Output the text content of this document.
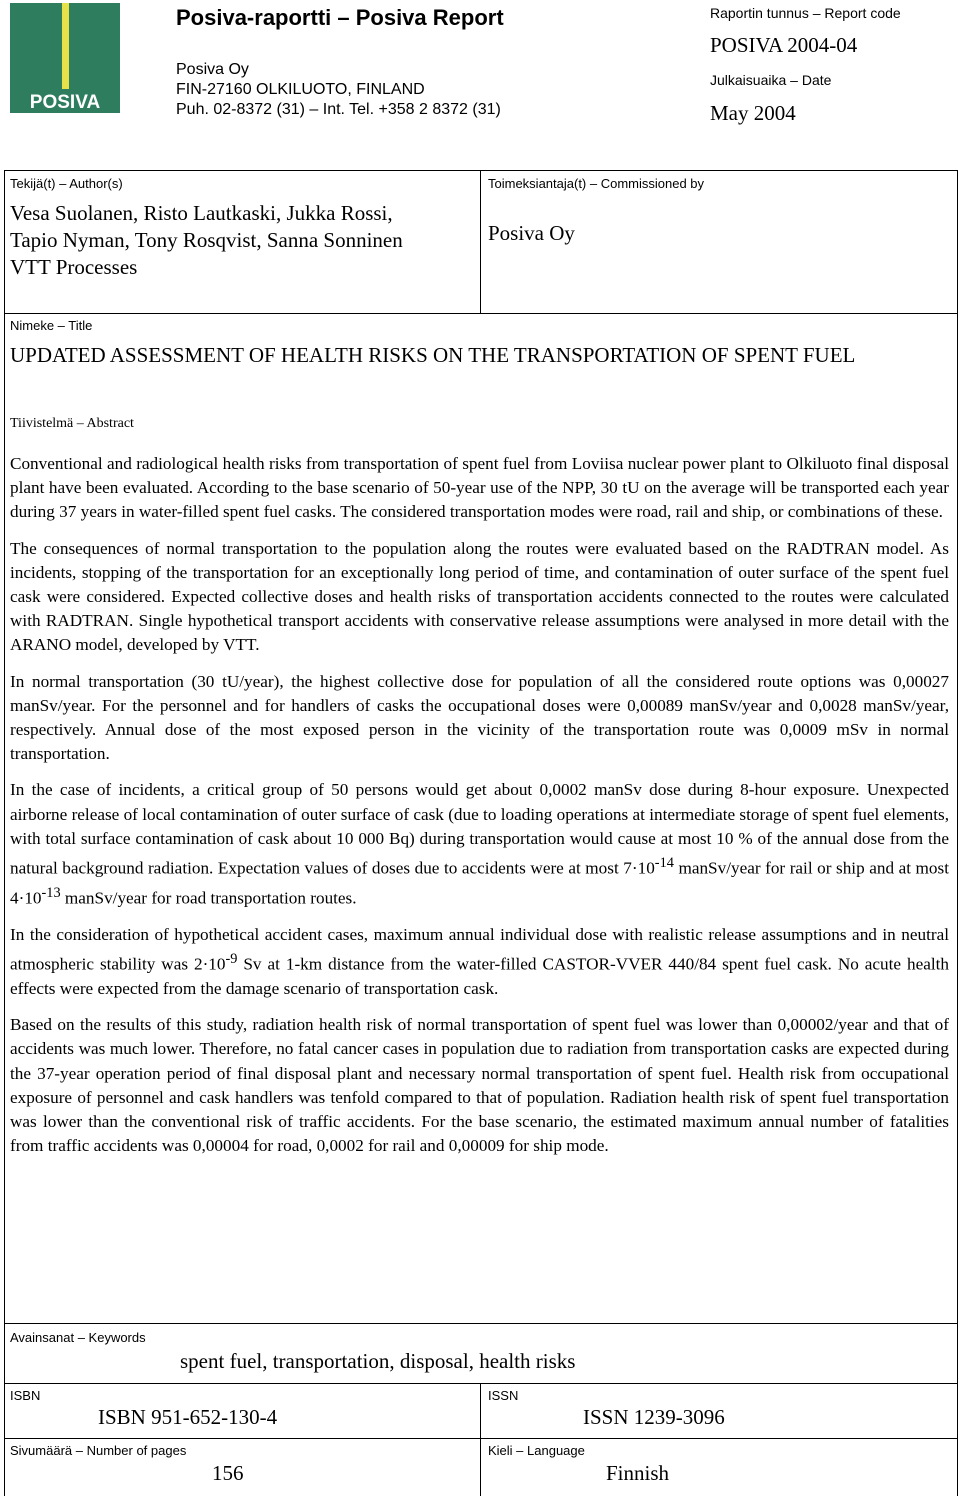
POSIVA
Posiva-raportti – Posiva Report
Posiva Oy
FIN-27160 OLKILUOTO, FINLAND
Puh. 02-8372 (31) – Int. Tel. +358 2 8372 (31)
Raportin tunnus – Report code
POSIVA 2004-04
Julkaisuaika – Date
May 2004
Tekijä(t) – Author(s)
Vesa Suolanen, Risto Lautkaski, Jukka Rossi,
Tapio Nyman, Tony Rosqvist, Sanna Sonninen
VTT Processes
Toimeksiantaja(t) – Commissioned by
Posiva Oy
Nimeke – Title
UPDATED ASSESSMENT OF HEALTH RISKS ON THE TRANSPORTATION OF SPENT FUEL
Tiivistelmä – Abstract

Conventional and radiological health risks from transportation of spent fuel from Loviisa nuclear power plant to Olkiluoto final disposal plant have been evaluated. According to the base scenario of 50-year use of the NPP, 30 tU on the average will be transported each year during 37 years in water-filled spent fuel casks. The considered transportation modes were road, rail and ship, or combinations of these.

The consequences of normal transportation to the population along the routes were evaluated based on the RADTRAN model. As incidents, stopping of the transportation for an exceptionally long period of time, and contamination of outer surface of the spent fuel cask were considered. Expected collective doses and health risks of transportation accidents connected to the routes were calculated with RADTRAN. Single hypothetical transport accidents with conservative release assumptions were analysed in more detail with the ARANO model, developed by VTT.

In normal transportation (30 tU/year), the highest collective dose for population of all the considered route options was 0,00027 manSv/year. For the personnel and for handlers of casks the occupational doses were 0,00089 manSv/year and 0,0028 manSv/year, respectively. Annual dose of the most exposed person in the vicinity of the transportation route was 0,0009 mSv in normal transportation.

In the case of incidents, a critical group of 50 persons would get about 0,0002 manSv dose during 8-hour exposure. Unexpected airborne release of local contamination of outer surface of cask (due to loading operations at intermediate storage of spent fuel elements, with total surface contamination of cask about 10 000 Bq) during transportation would cause at most 10 % of the annual dose from the natural background radiation. Expectation values of doses due to accidents were at most $7\cdot 10^{-14}$ manSv/year for rail or ship and at most $4\cdot 10^{-13}$ manSv/year for road transportation routes.

In the consideration of hypothetical accident cases, maximum annual individual dose with realistic release assumptions and in neutral atmospheric stability was $2\cdot 10^{-9}$ Sv at 1-km distance from the water-filled CASTOR-VVER 440/84 spent fuel cask. No acute health effects were expected from the damage scenario of transportation cask.

Based on the results of this study, radiation health risk of normal transportation of spent fuel was lower than 0,00002/year and that of accidents was much lower. Therefore, no fatal cancer cases in population due to radiation from transportation casks are expected during the 37-year operation period of final disposal plant and necessary normal transportation of spent fuel. Health risk from occupational exposure of personnel and cask handlers was tenfold compared to that of population. Radiation health risk of spent fuel transportation was lower than the conventional risk of traffic accidents. For the base scenario, the estimated maximum annual number of fatalities from traffic accidents was 0,00004 for road, 0,0002 for rail and 0,00009 for ship mode.

Avainsanat – Keywords
spent fuel, transportation, disposal, health risks
ISBN
ISBN 951-652-130-4
ISSN
ISSN 1239-3096
Sivumäärä – Number of pages
156
Kieli – Language
Finnish
